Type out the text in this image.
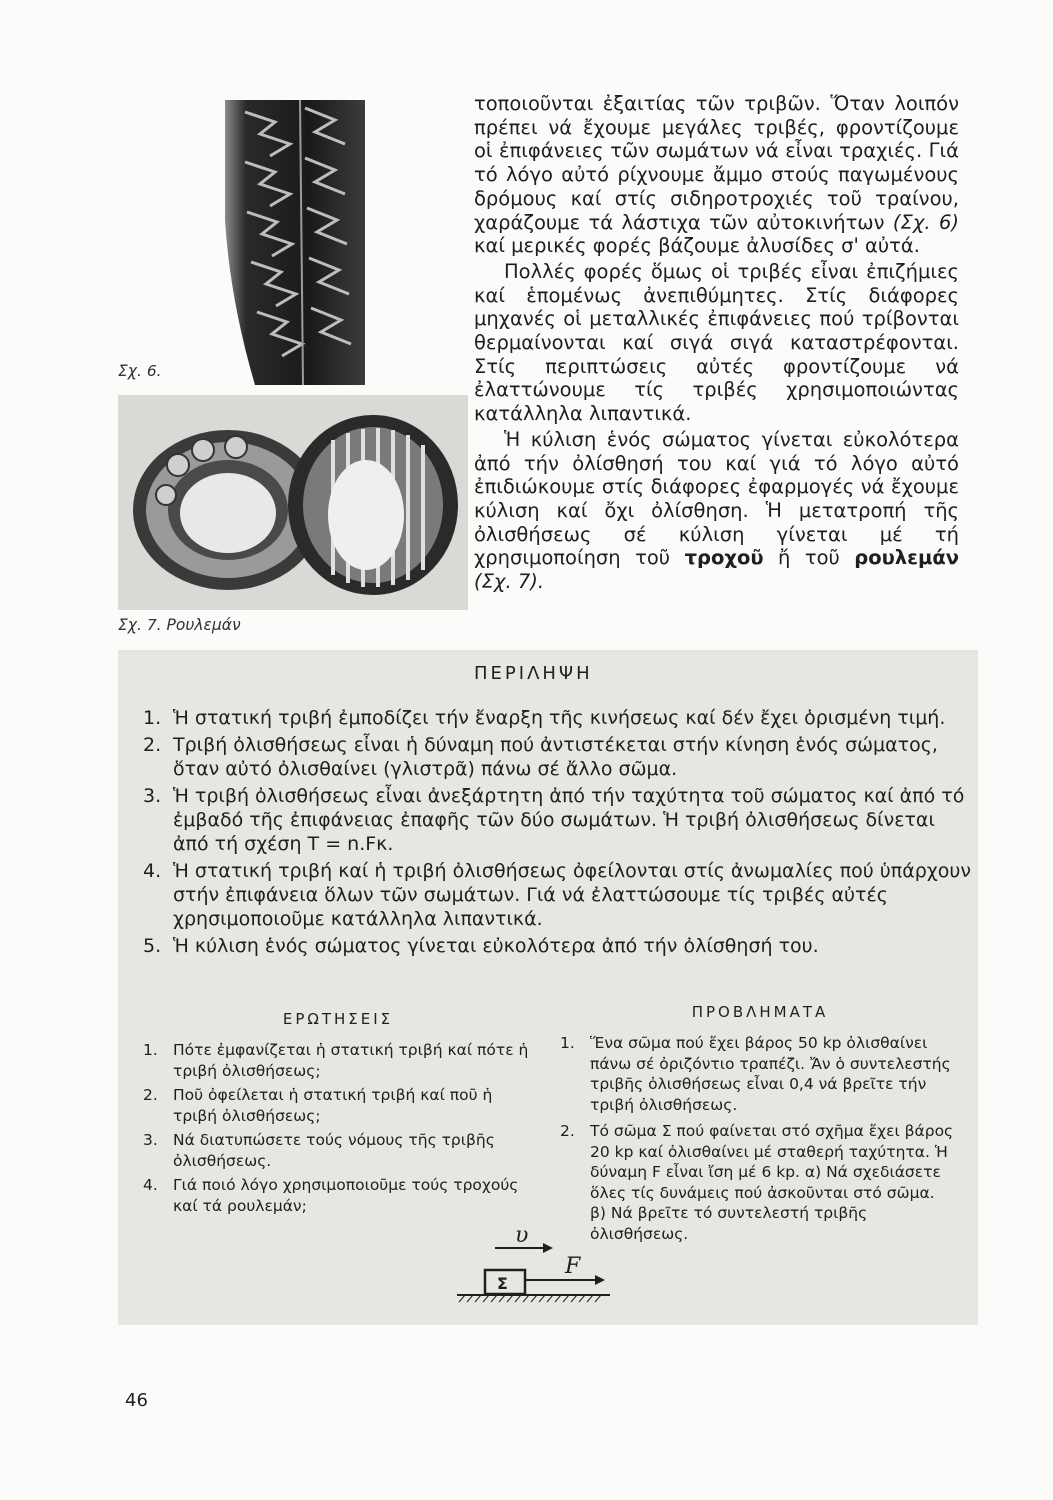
Σχ. 6.
Σχ. 7. Ρουλεμάν

τοποιοῦνται ἐξαιτίας τῶν τριβῶν. Ὅταν λοιπόν πρέπει νά ἔχουμε μεγάλες τριβές, φροντίζουμε οἱ ἐπιφάνειες τῶν σωμάτων νά εἶναι τραχιές. Γιά τό λόγο αὐτό ρίχνουμε ἄμμο στούς παγωμένους δρόμους καί στίς σιδηροτροχιές τοῦ τραίνου, χαράζουμε τά λάστιχα τῶν αὐτοκινήτων (Σχ. 6) καί μερικές φορές βάζουμε ἀλυσίδες σ' αὐτά.

Πολλές φορές ὅμως οἱ τριβές εἶναι ἐπιζήμιες καί ἑπομένως ἀνεπιθύμητες. Στίς διάφορες μηχανές οἱ μεταλλικές ἐπιφάνειες πού τρίβονται θερμαίνονται καί σιγά σιγά καταστρέφονται. Στίς περιπτώσεις αὐτές φροντίζουμε νά ἐλαττώνουμε τίς τριβές χρησιμοποιώντας κατάλληλα λιπαντικά.

Ἡ κύλιση ἑνός σώματος γίνεται εὐκολότερα ἀπό τήν ὀλίσθησή του καί γιά τό λόγο αὐτό ἐπιδιώκουμε στίς διάφορες ἐφαρμογές νά ἔχουμε κύλιση καί ὄχι ὀλίσθηση. Ἡ μετατροπή τῆς ὀλισθήσεως σέ κύλιση γίνεται μέ τή χρησιμοποίηση τοῦ τροχοῦ ἤ τοῦ ρουλεμάν (Σχ. 7).

ΠΕΡΙΛΗΨΗ
1. Ἡ στατική τριβή ἐμποδίζει τήν ἔναρξη τῆς κινήσεως καί δέν ἔχει ὁρισμένη τιμή.
2. Τριβή ὀλισθήσεως εἶναι ἡ δύναμη πού ἀντιστέκεται στήν κίνηση ἑνός σώματος, ὅταν αὐτό ὀλισθαίνει (γλιστρᾶ) πάνω σέ ἄλλο σῶμα.
3. Ἡ τριβή ὀλισθήσεως εἶναι ἀνεξάρτητη ἀπό τήν ταχύτητα τοῦ σώματος καί ἀπό τό ἐμβαδό τῆς ἐπιφάνειας ἐπαφῆς τῶν δύο σωμάτων. Ἡ τριβή ὀλισθήσεως δίνεται ἀπό τή σχέση Τ = n.Fκ.
4. Ἡ στατική τριβή καί ἡ τριβή ὀλισθήσεως ὀφείλονται στίς ἀνωμαλίες πού ὑπάρχουν στήν ἐπιφάνεια ὅλων τῶν σωμάτων. Γιά νά ἐλαττώσουμε τίς τριβές αὐτές χρησιμοποιοῦμε κατάλληλα λιπαντικά.
5. Ἡ κύλιση ἑνός σώματος γίνεται εὐκολότερα ἀπό τήν ὀλίσθησή του.
ΕΡΩΤΗΣΕΙΣ
1. Πότε ἐμφανίζεται ἡ στατική τριβή καί πότε ἡ τριβή ὀλισθήσεως;
2. Ποῦ ὀφείλεται ἡ στατική τριβή καί ποῦ ἡ τριβή ὀλισθήσεως;
3. Νά διατυπώσετε τούς νόμους τῆς τριβῆς ὀλισθήσεως.
4. Γιά ποιό λόγο χρησιμοποιοῦμε τούς τροχούς καί τά ρουλεμάν;
ΠΡΟΒΛΗΜΑΤΑ
1. Ἕνα σῶμα πού ἔχει βάρος 50 kp ὀλισθαίνει πάνω σέ ὀριζόντιο τραπέζι. Ἄν ὁ συντελεστής τριβῆς ὀλισθήσεως εἶναι 0,4 νά βρεῖτε τήν τριβή ὀλισθήσεως.
2. Τό σῶμα Σ πού φαίνεται στό σχῆμα ἔχει βάρος 20 kp καί ὀλισθαίνει μέ σταθερή ταχύτητα. Ἡ δύναμη F εἶναι ἴση μέ 6 kp. α) Νά σχεδιάσετε ὅλες τίς δυνάμεις πού ἀσκοῦνται στό σῶμα. β) Νά βρεῖτε τό συντελεστή τριβῆς ὀλισθήσεως.
υ
Σ
F
46
